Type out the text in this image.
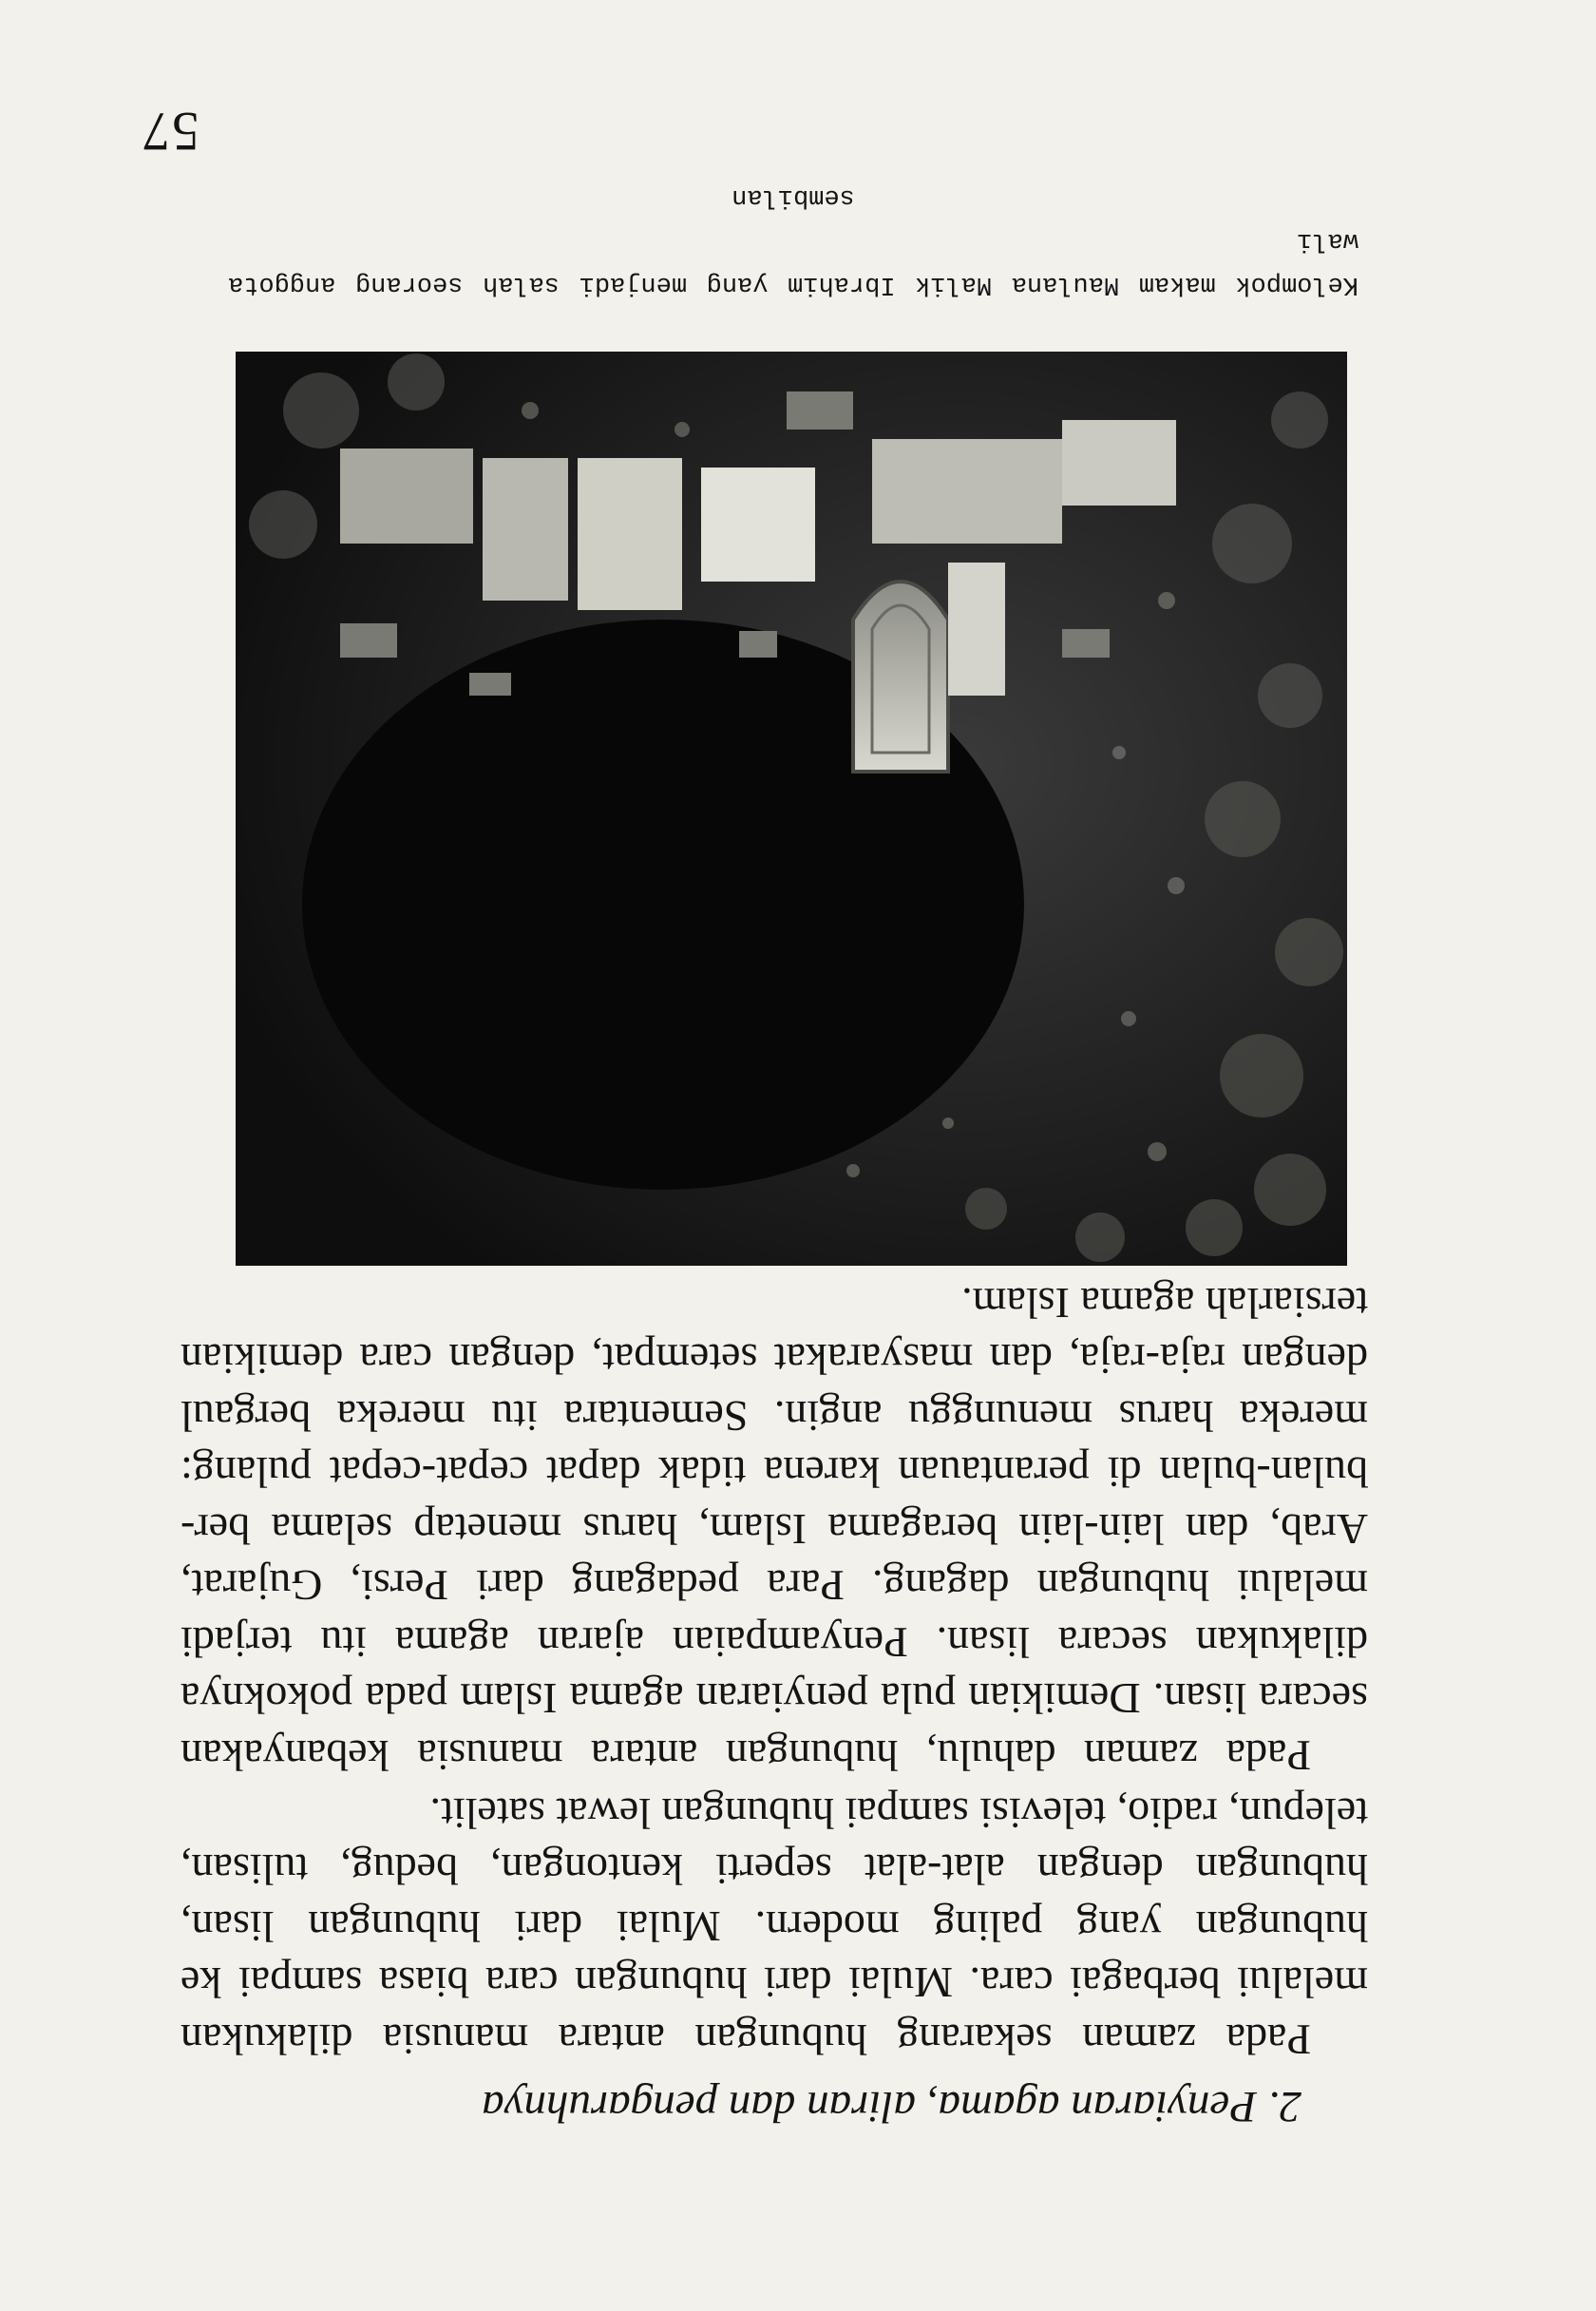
2. Penyiaran agama, aliran dan pengaruhnya
Pada zaman sekarang hubungan antara manusia dilakukan
melalui berbagai cara. Mulai dari hubungan cara biasa sampai ke
hubungan yang paling modern. Mulai dari hubungan lisan,
hubungan dengan alat-alat seperti kentongan, bedug, tulisan,
telepun, radio, televisi sampai hubungan lewat satelit.
Pada zaman dahulu, hubungan antara manusia kebanyakan
secara lisan. Demikian pula penyiaran agama Islam pada pokoknya
dilakukan secara lisan. Penyampaian ajaran agama itu terjadi
melalui hubungan dagang. Para pedagang dari Persi, Gujarat,
Arab, dan lain-lain beragama Islam, harus menetap selama ber-
bulan-bulan di perantauan karena tidak dapat cepat-cepat pulang:
mereka harus menunggu angin. Sementara itu mereka bergaul
dengan raja-raja, dan masyarakat setempat, dengan cara demikian
tersiarlah agama Islam.
Kelompok makam Maulana Malik Ibrahim yang menjadi salah seorang anggota wali
sembilan
57
